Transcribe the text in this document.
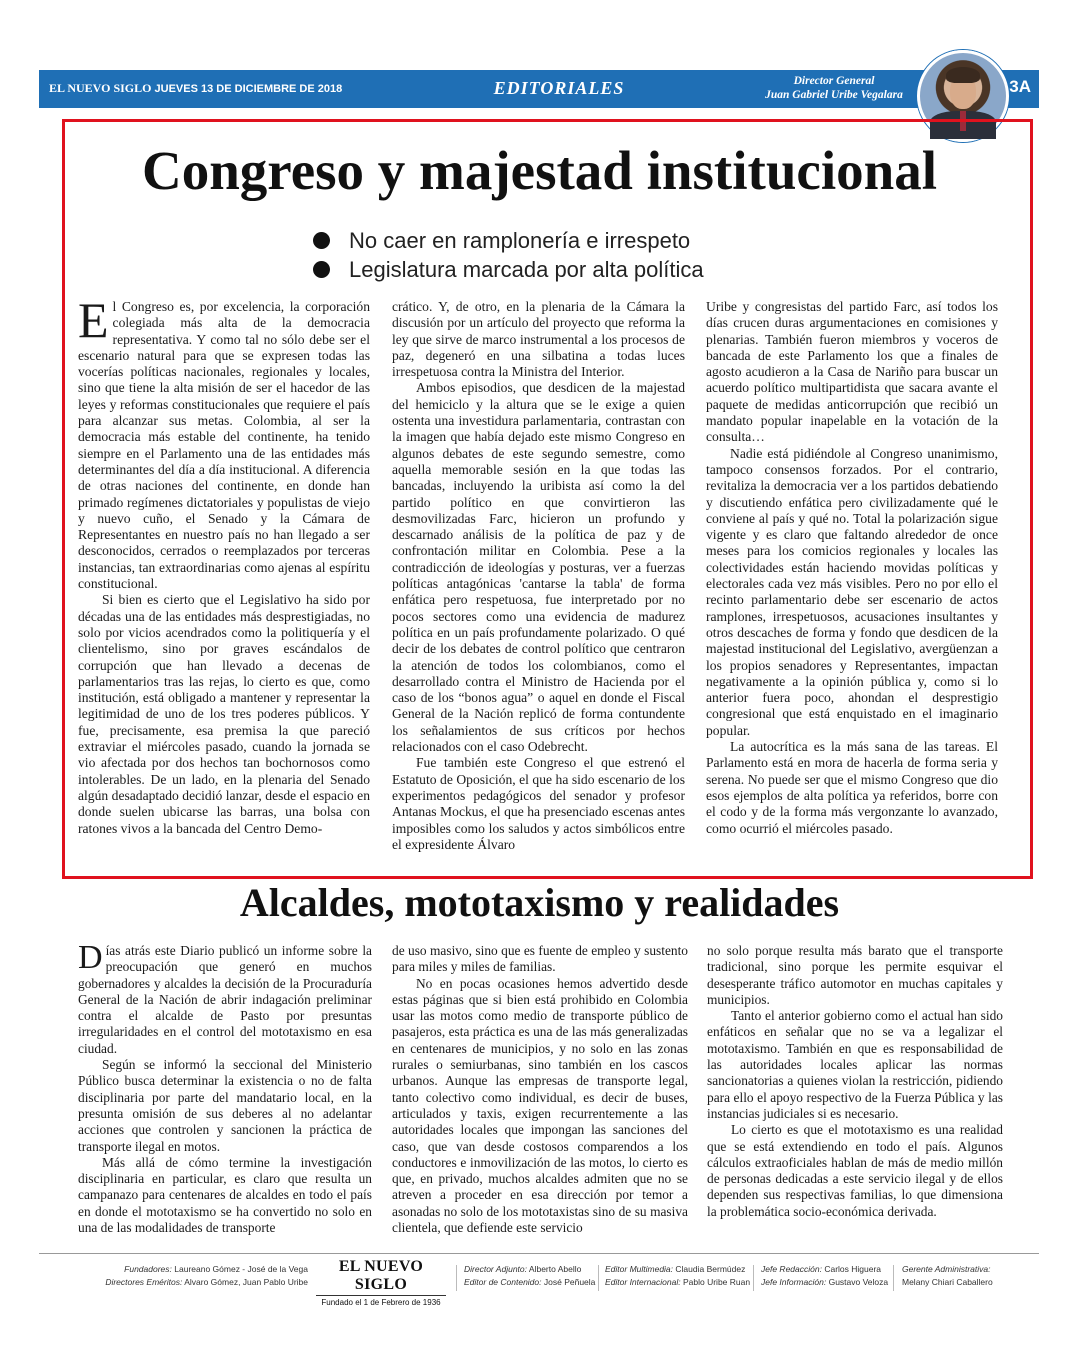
EL NUEVO SIGLO JUEVES 13 DE DICIEMBRE DE 2018	EDITORIALES	Director General
Juan Gabriel Uribe Vegalara	3A
Congreso y majestad institucional
No caer en ramplonería e irrespeto
Legislatura marcada por alta política

El Congreso es, por excelencia, la corporación colegiada más alta de la democracia representativa. Y como tal no sólo debe ser el escenario natural para que se expresen todas las vocerías políticas nacionales, regionales y locales, sino que tiene la alta misión de ser el hacedor de las leyes y reformas constitucionales que requiere el país para alcanzar sus metas. Colombia, al ser la democracia más estable del continente, ha tenido siempre en el Parlamento una de las entidades más determinantes del día a día institucional. A diferencia de otras naciones del continente, en donde han primado regímenes dictatoriales y populistas de viejo y nuevo cuño, el Senado y la Cámara de Representantes en nuestro país no han llegado a ser desconocidos, cerrados o reemplazados por terceras instancias, tan extraordinarias como ajenas al espíritu constitucional.

Si bien es cierto que el Legislativo ha sido por décadas una de las entidades más desprestigiadas, no solo por vicios acendrados como la politiquería y el clientelismo, sino por graves escándalos de corrupción que han llevado a decenas de parlamentarios tras las rejas, lo cierto es que, como institución, está obligado a mantener y representar la legitimidad de uno de los tres poderes públicos. Y fue, precisamente, esa premisa la que pareció extraviar el miércoles pasado, cuando la jornada se vio afectada por dos hechos tan bochornosos como intolerables. De un lado, en la plenaria del Senado algún desadaptado decidió lanzar, desde el espacio en donde suelen ubicarse las barras, una bolsa con ratones vivos a la bancada del Centro Demo-

crático. Y, de otro, en la plenaria de la Cámara la discusión por un artículo del proyecto que reforma la ley que sirve de marco instrumental a los procesos de paz, degeneró en una silbatina a todas luces irrespetuosa contra la Ministra del Interior.

Ambos episodios, que desdicen de la majestad del hemiciclo y la altura que se le exige a quien ostenta una investidura parlamentaria, contrastan con la imagen que había dejado este mismo Congreso en algunos debates de este segundo semestre, como aquella memorable sesión en la que todas las bancadas, incluyendo la uribista así como la del partido político en que convirtieron las desmovilizadas Farc, hicieron un profundo y descarnado análisis de la política de paz y de confrontación militar en Colombia. Pese a la contradicción de ideologías y posturas, ver a fuerzas políticas antagónicas 'cantarse la tabla' de forma enfática pero respetuosa, fue interpretado por no pocos sectores como una evidencia de madurez política en un país profundamente polarizado. O qué decir de los debates de control político que centraron la atención de todos los colombianos, como el desarrollado contra el Ministro de Hacienda por el caso de los “bonos agua” o aquel en donde el Fiscal General de la Nación replicó de forma contundente los señalamientos de sus críticos por hechos relacionados con el caso Odebrecht.

Fue también este Congreso el que estrenó el Estatuto de Oposición, el que ha sido escenario de los experimentos pedagógicos del senador y profesor Antanas Mockus, el que ha presenciado escenas antes imposibles como los saludos y actos simbólicos entre el expresidente Álvaro

Uribe y congresistas del partido Farc, así todos los días crucen duras argumentaciones en comisiones y plenarias. También fueron miembros y voceros de bancada de este Parlamento los que a finales de agosto acudieron a la Casa de Nariño para buscar un acuerdo político multipartidista que sacara avante el paquete de medidas anticorrupción que recibió un mandato popular inapelable en la votación de la consulta…

Nadie está pidiéndole al Congreso unanimismo, tampoco consensos forzados. Por el contrario, revitaliza la democracia ver a los partidos debatiendo y discutiendo enfática pero civilizadamente qué le conviene al país y qué no. Total la polarización sigue vigente y es claro que faltando alrededor de once meses para los comicios regionales y locales las colectividades están haciendo movidas políticas y electorales cada vez más visibles. Pero no por ello el recinto parlamentario debe ser escenario de actos ramplones, irrespetuosos, acusaciones insultantes y otros descaches de forma y fondo que desdicen de la majestad institucional del Legislativo, avergüenzan a los propios senadores y Representantes, impactan negativamente a la opinión pública y, como si lo anterior fuera poco, ahondan el desprestigio congresional que está enquistado en el imaginario popular.

La autocrítica es la más sana de las tareas. El Parlamento está en mora de hacerla de forma seria y serena. No puede ser que el mismo Congreso que dio esos ejemplos de alta política ya referidos, borre con el codo y de la forma más vergonzante lo avanzado, como ocurrió el miércoles pasado.

Alcaldes, mototaxismo y realidades

Días atrás este Diario publicó un informe sobre la preocupación que generó en muchos gobernadores y alcaldes la decisión de la Procuraduría General de la Nación de abrir indagación preliminar contra el alcalde de Pasto por presuntas irregularidades en el control del mototaxismo en esa ciudad.

Según se informó la seccional del Ministerio Público busca determinar la existencia o no de falta disciplinaria por parte del mandatario local, en la presunta omisión de sus deberes al no adelantar acciones que controlen y sancionen la práctica de transporte ilegal en motos.

Más allá de cómo termine la investigación disciplinaria en particular, es claro que resulta un campanazo para centenares de alcaldes en todo el país en donde el mototaxismo se ha convertido no solo en una de las modalidades de transporte

de uso masivo, sino que es fuente de empleo y sustento para miles y miles de familias.

No en pocas ocasiones hemos advertido desde estas páginas que si bien está prohibido en Colombia usar las motos como medio de transporte público de pasajeros, esta práctica es una de las más generalizadas en centenares de municipios, y no solo en las zonas rurales o semiurbanas, sino también en los cascos urbanos. Aunque las empresas de transporte legal, tanto colectivo como individual, es decir de buses, articulados y taxis, exigen recurrentemente a las autoridades locales que impongan las sanciones del caso, que van desde costosos comparendos a los conductores e inmovilización de las motos, lo cierto es que, en privado, muchos alcaldes admiten que no se atreven a proceder en esa dirección por temor a asonadas no solo de los mototaxistas sino de su masiva clientela, que defiende este servicio

no solo porque resulta más barato que el transporte tradicional, sino porque les permite esquivar el desesperante tráfico automotor en muchas capitales y municipios.

Tanto el anterior gobierno como el actual han sido enfáticos en señalar que no se va a legalizar el mototaxismo. También en que es responsabilidad de las autoridades locales aplicar las normas sancionatorias a quienes violan la restricción, pidiendo para ello el apoyo respectivo de la Fuerza Pública y las instancias judiciales si es necesario.

Lo cierto es que el mototaxismo es una realidad que se está extendiendo en todo el país. Algunos cálculos extraoficiales hablan de más de medio millón de personas dedicadas a este servicio ilegal y de ellos dependen sus respectivas familias, lo que dimensiona la problemática socio-económica derivada.

Fundadores: Laureano Gómez - José de la Vega
Directores Eméritos: Alvaro Gómez, Juan Pablo Uribe
EL NUEVO SIGLO
Fundado el 1 de Febrero de 1936
Director Adjunto: Alberto Abello
Editor de Contenido: José Peñuela
Editor Multimedia: Claudia Bermúdez
Editor Internacional: Pablo Uribe Ruan
Jefe Redacción: Carlos Higuera
Jefe Información: Gustavo Veloza
Gerente Administrativa:
Melany Chiari Caballero
